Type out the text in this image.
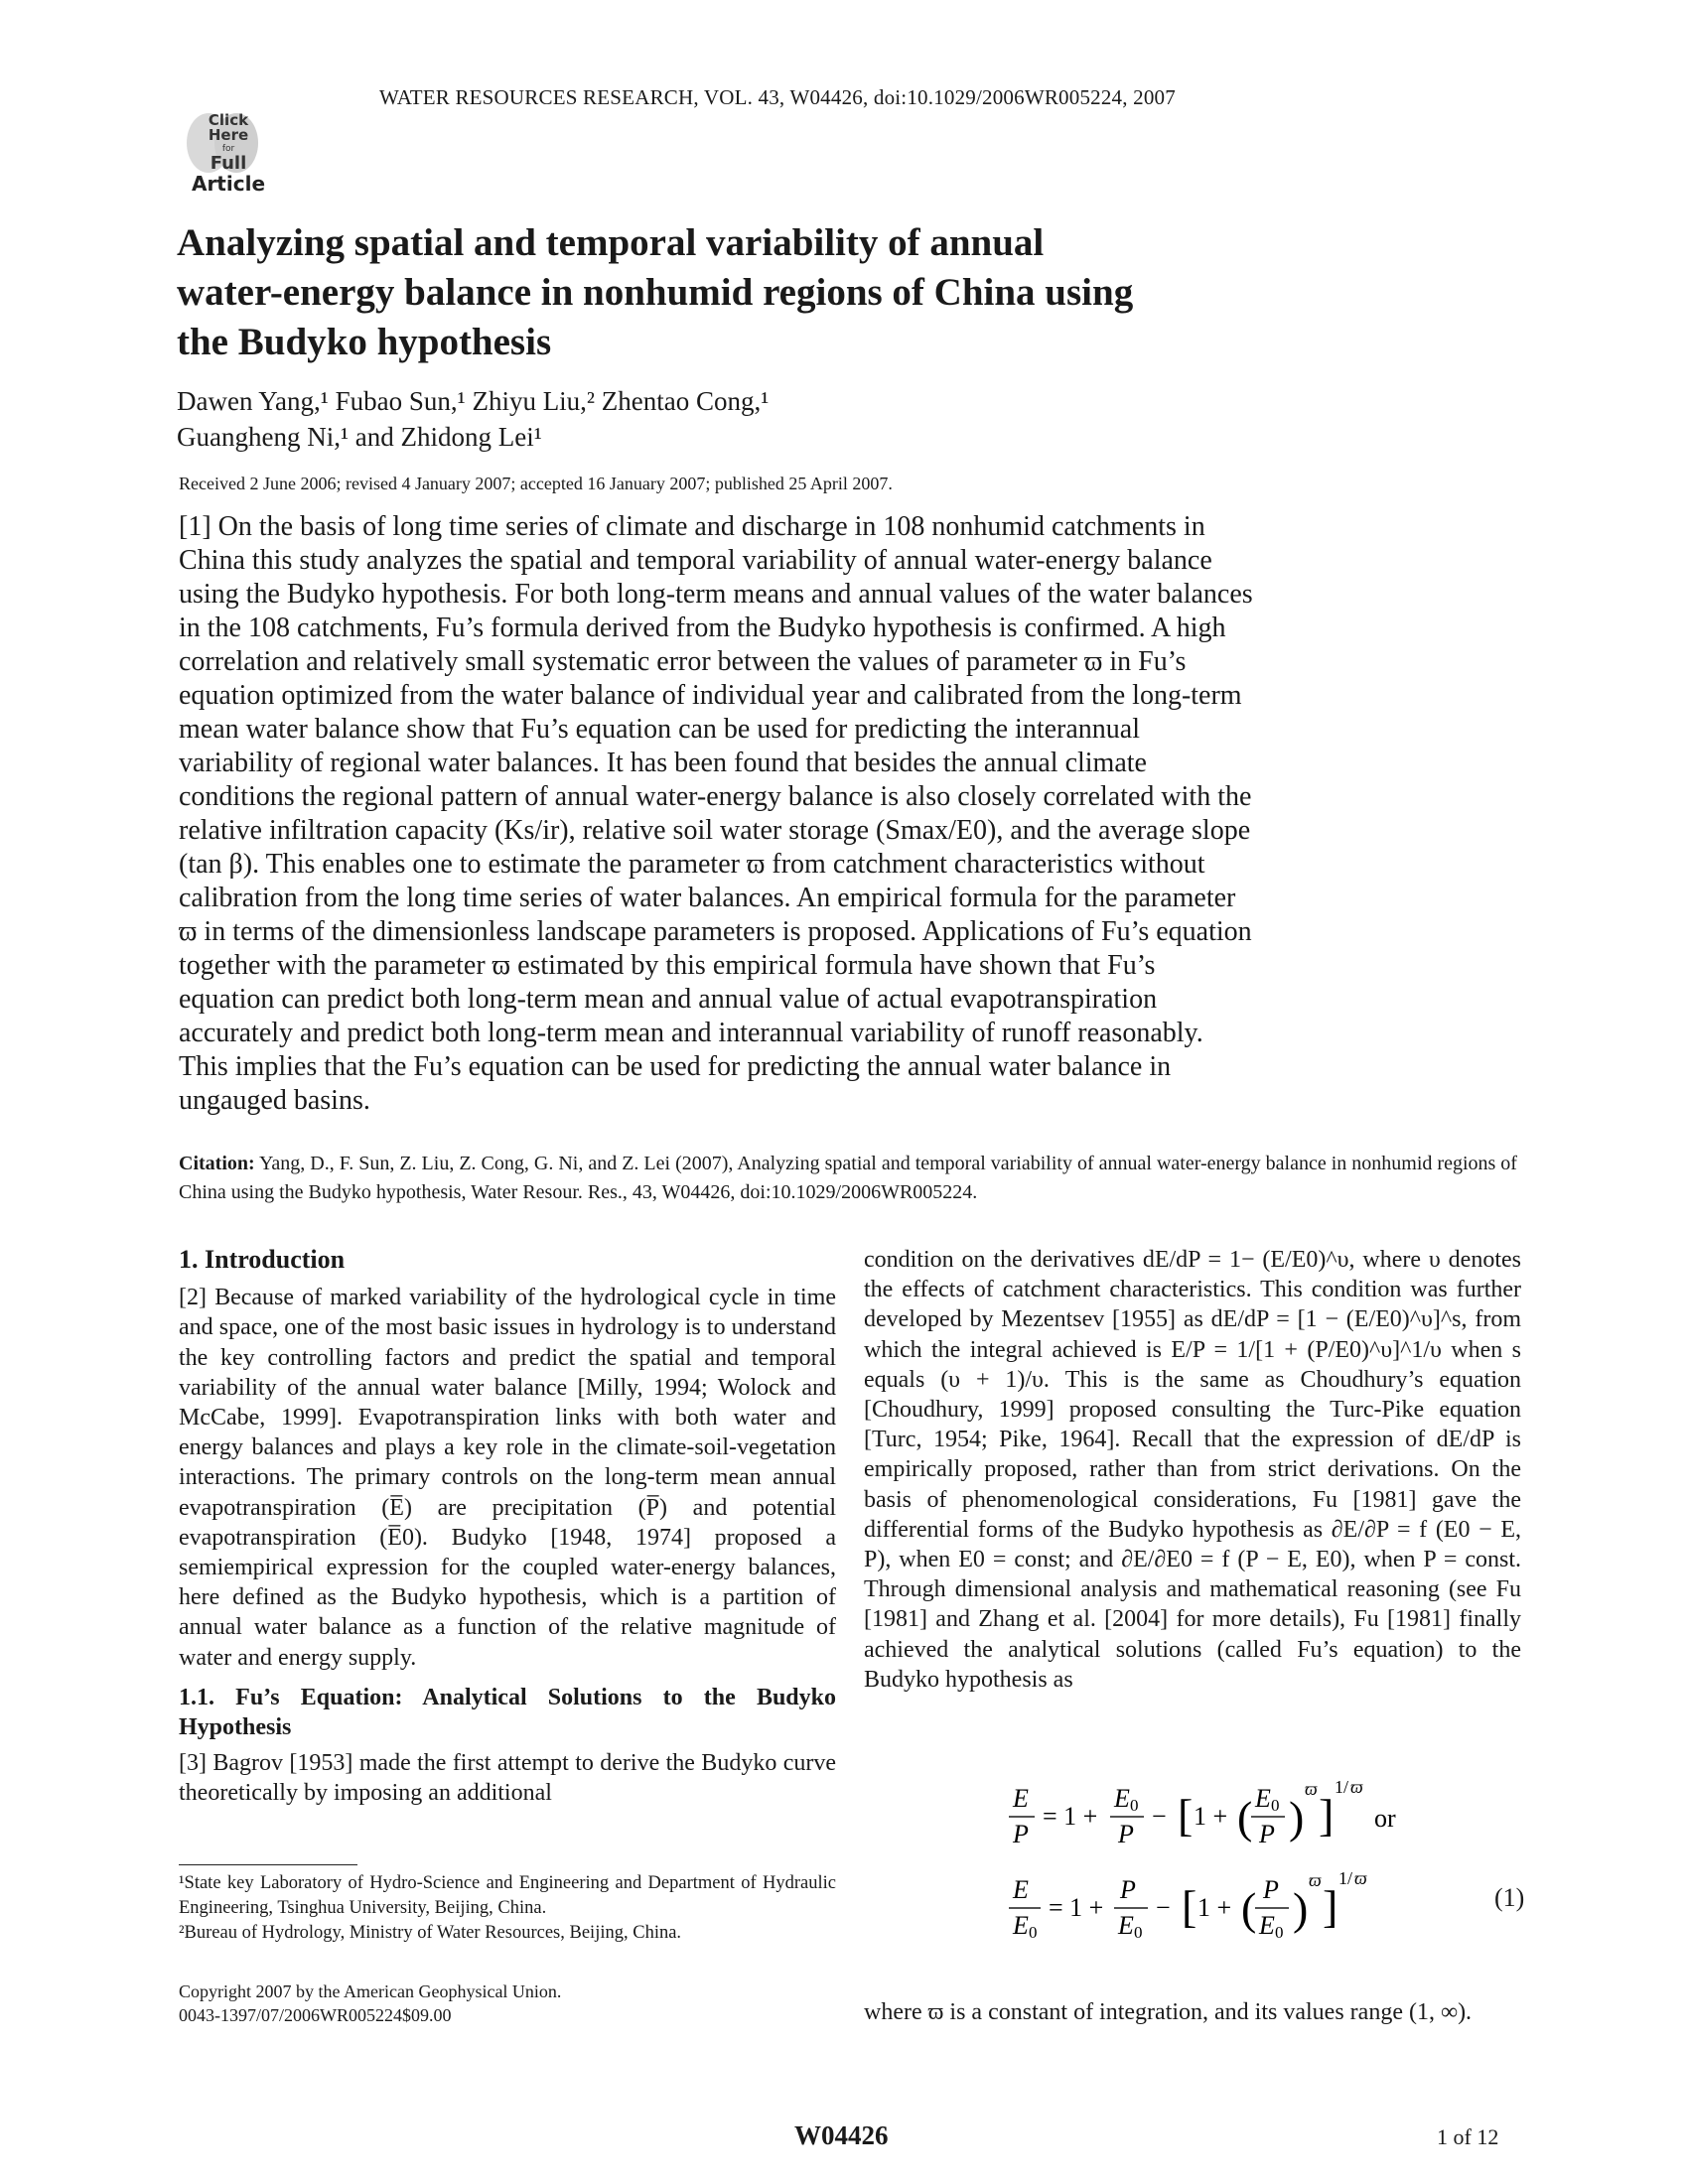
WATER RESOURCES RESEARCH, VOL. 43, W04426, doi:10.1029/2006WR005224, 2007
Click
Here
for
Full
Article
Analyzing spatial and temporal variability of annual water-energy balance in nonhumid regions of China using the Budyko hypothesis
Dawen Yang,¹ Fubao Sun,¹ Zhiyu Liu,² Zhentao Cong,¹
Guangheng Ni,¹ and Zhidong Lei¹
Received 2 June 2006; revised 4 January 2007; accepted 16 January 2007; published 25 April 2007.
[1] On the basis of long time series of climate and discharge in 108 nonhumid catchments in China this study analyzes the spatial and temporal variability of annual water-energy balance using the Budyko hypothesis. For both long-term means and annual values of the water balances in the 108 catchments, Fu’s formula derived from the Budyko hypothesis is confirmed. A high correlation and relatively small systematic error between the values of parameter ϖ in Fu’s equation optimized from the water balance of individual year and calibrated from the long-term mean water balance show that Fu’s equation can be used for predicting the interannual variability of regional water balances. It has been found that besides the annual climate conditions the regional pattern of annual water-energy balance is also closely correlated with the relative infiltration capacity (Ks/ir), relative soil water storage (Smax/E0), and the average slope (tan β). This enables one to estimate the parameter ϖ from catchment characteristics without calibration from the long time series of water balances. An empirical formula for the parameter ϖ in terms of the dimensionless landscape parameters is proposed. Applications of Fu’s equation together with the parameter ϖ estimated by this empirical formula have shown that Fu’s equation can predict both long-term mean and annual value of actual evapotranspiration accurately and predict both long-term mean and interannual variability of runoff reasonably. This implies that the Fu’s equation can be used for predicting the annual water balance in ungauged basins.
Citation: Yang, D., F. Sun, Z. Liu, Z. Cong, G. Ni, and Z. Lei (2007), Analyzing spatial and temporal variability of annual water-energy balance in nonhumid regions of China using the Budyko hypothesis, Water Resour. Res., 43, W04426, doi:10.1029/2006WR005224.
1. Introduction

[2] Because of marked variability of the hydrological cycle in time and space, one of the most basic issues in hydrology is to understand the key controlling factors and predict the spatial and temporal variability of the annual water balance [Milly, 1994; Wolock and McCabe, 1999]. Evapotranspiration links with both water and energy balances and plays a key role in the climate-soil-vegetation interactions. The primary controls on the long-term mean annual evapotranspiration (E̅) are precipitation (P̅) and potential evapotranspiration (E̅0). Budyko [1948, 1974] proposed a semiempirical expression for the coupled water-energy balances, here defined as the Budyko hypothesis, which is a partition of annual water balance as a function of the relative magnitude of water and energy supply.

1.1. Fu’s Equation: Analytical Solutions to the Budyko Hypothesis

[3] Bagrov [1953] made the first attempt to derive the Budyko curve theoretically by imposing an additional

¹State key Laboratory of Hydro-Science and Engineering and Department of Hydraulic Engineering, Tsinghua University, Beijing, China.
²Bureau of Hydrology, Ministry of Water Resources, Beijing, China.
Copyright 2007 by the American Geophysical Union.
0043-1397/07/2006WR005224$09.00

condition on the derivatives dE/dP = 1− (E/E0)^υ, where υ denotes the effects of catchment characteristics. This condition was further developed by Mezentsev [1955] as dE/dP = [1 − (E/E0)^υ]^s, from which the integral achieved is E/P = 1/[1 + (P/E0)^υ]^1/υ when s equals (υ + 1)/υ. This is the same as Choudhury’s equation [Choudhury, 1999] proposed consulting the Turc-Pike equation [Turc, 1954; Pike, 1964]. Recall that the expression of dE/dP is empirically proposed, rather than from strict derivations. On the basis of phenomenological considerations, Fu [1981] gave the differential forms of the Budyko hypothesis as ∂E/∂P = f (E0 − E, P), when E0 = const; and ∂E/∂E0 = f (P − E, E0), when P = const. Through dimensional analysis and mathematical reasoning (see Fu [1981] and Zhang et al. [2004] for more details), Fu [1981] finally achieved the analytical solutions (called Fu’s equation) to the Budyko hypothesis as

E
P
= 1 +
E 0
P
− [ 1 + ( E 0
P )
ϖ
]
1/ ϖ
or
E
E 0
= 1 +
P
E 0
− [ 1 + ( P
E 0 )
ϖ
]
1/ ϖ
(1)
where ϖ is a constant of integration, and its values range (1, ∞).
W04426	1 of 12
